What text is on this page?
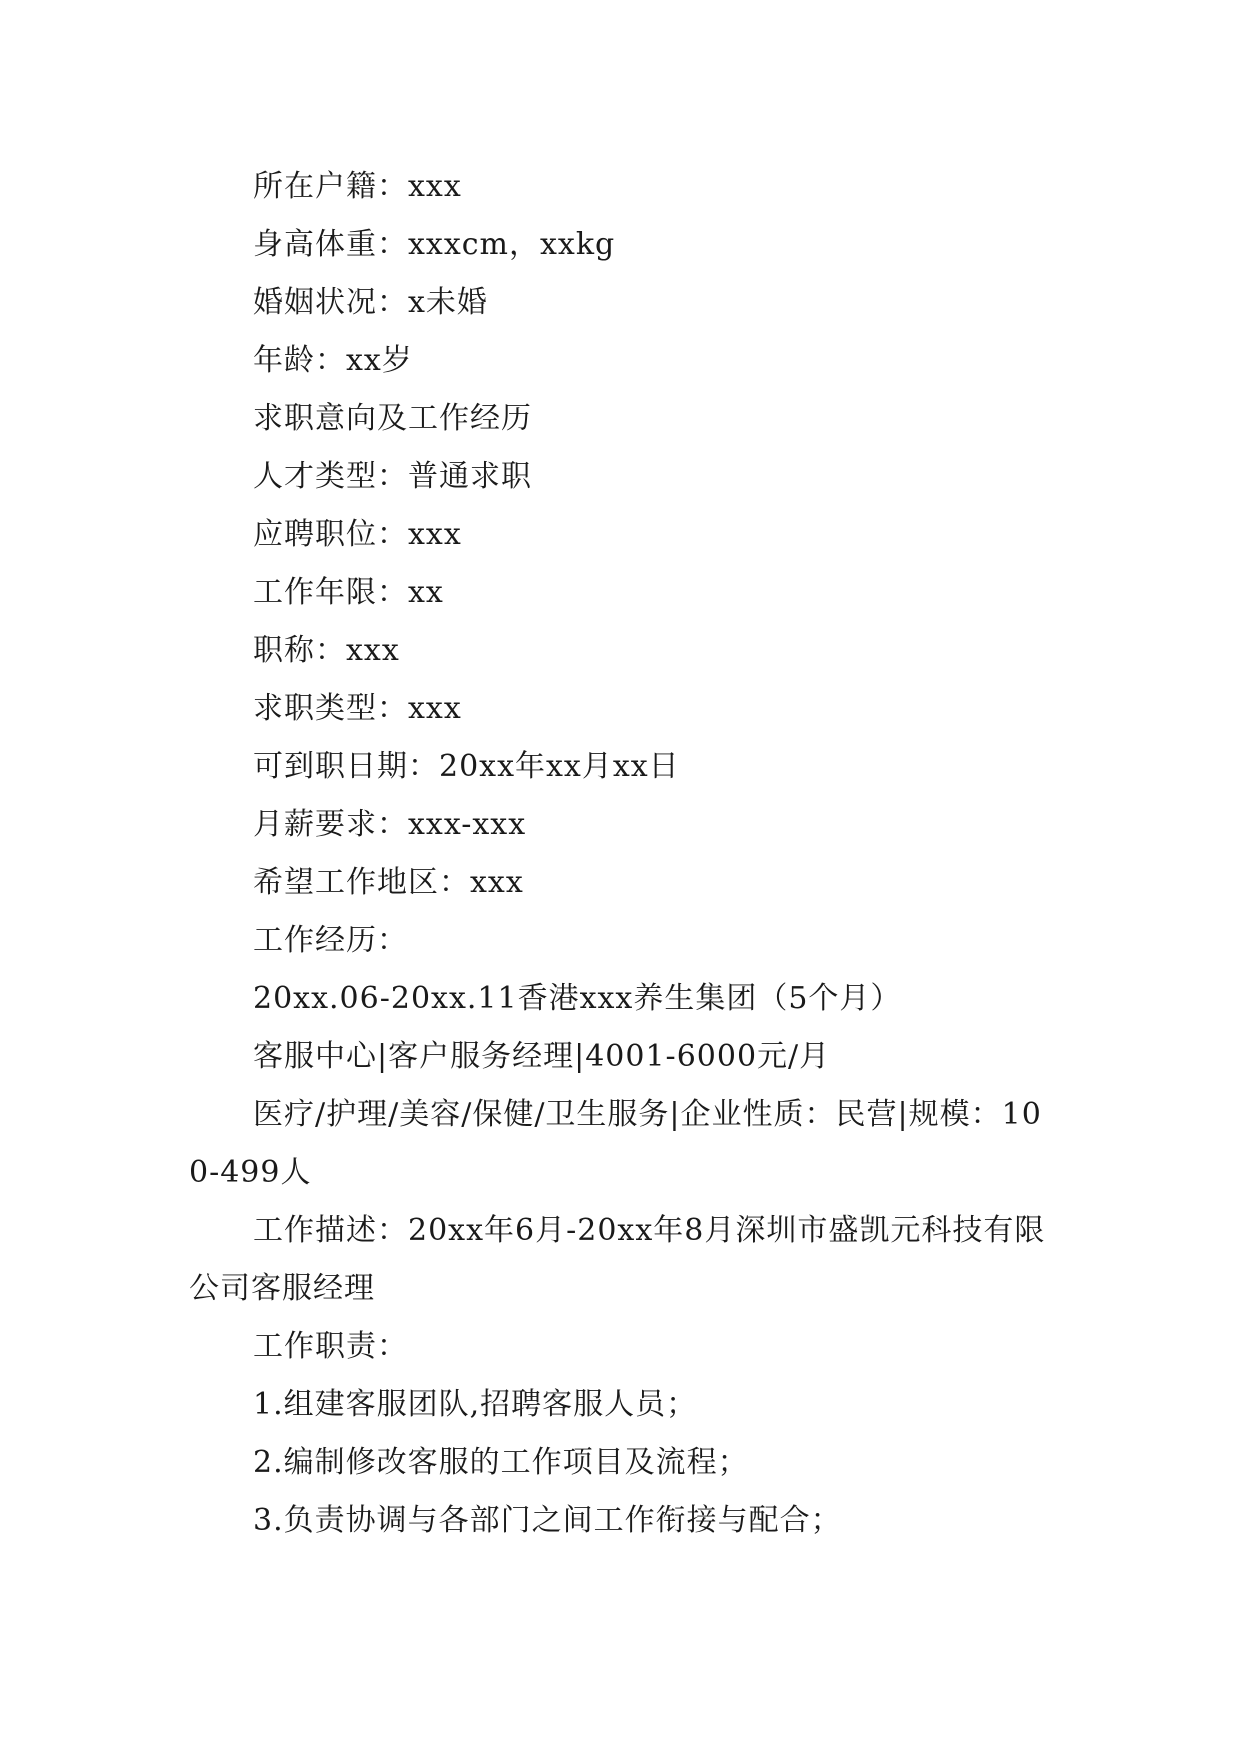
所在户籍：xxx

身高体重：xxxcm，xxkg

婚姻状况：x未婚

年龄：xx岁

求职意向及工作经历

人才类型：普通求职

应聘职位：xxx

工作年限：xx

职称：xxx

求职类型：xxx

可到职日期：20xx年xx月xx日

月薪要求：xxx-xxx

希望工作地区：xxx

工作经历：

20xx.06-20xx.11香港xxx养生集团（5个月）

客服中心|客户服务经理|4001-6000元/月

医疗/护理/美容/保健/卫生服务|企业性质：民营|规模：100-499人

工作描述：20xx年6月-20xx年8月深圳市盛凯元科技有限公司客服经理

工作职责：

1.组建客服团队,招聘客服人员；

2.编制修改客服的工作项目及流程；

3.负责协调与各部门之间工作衔接与配合；
